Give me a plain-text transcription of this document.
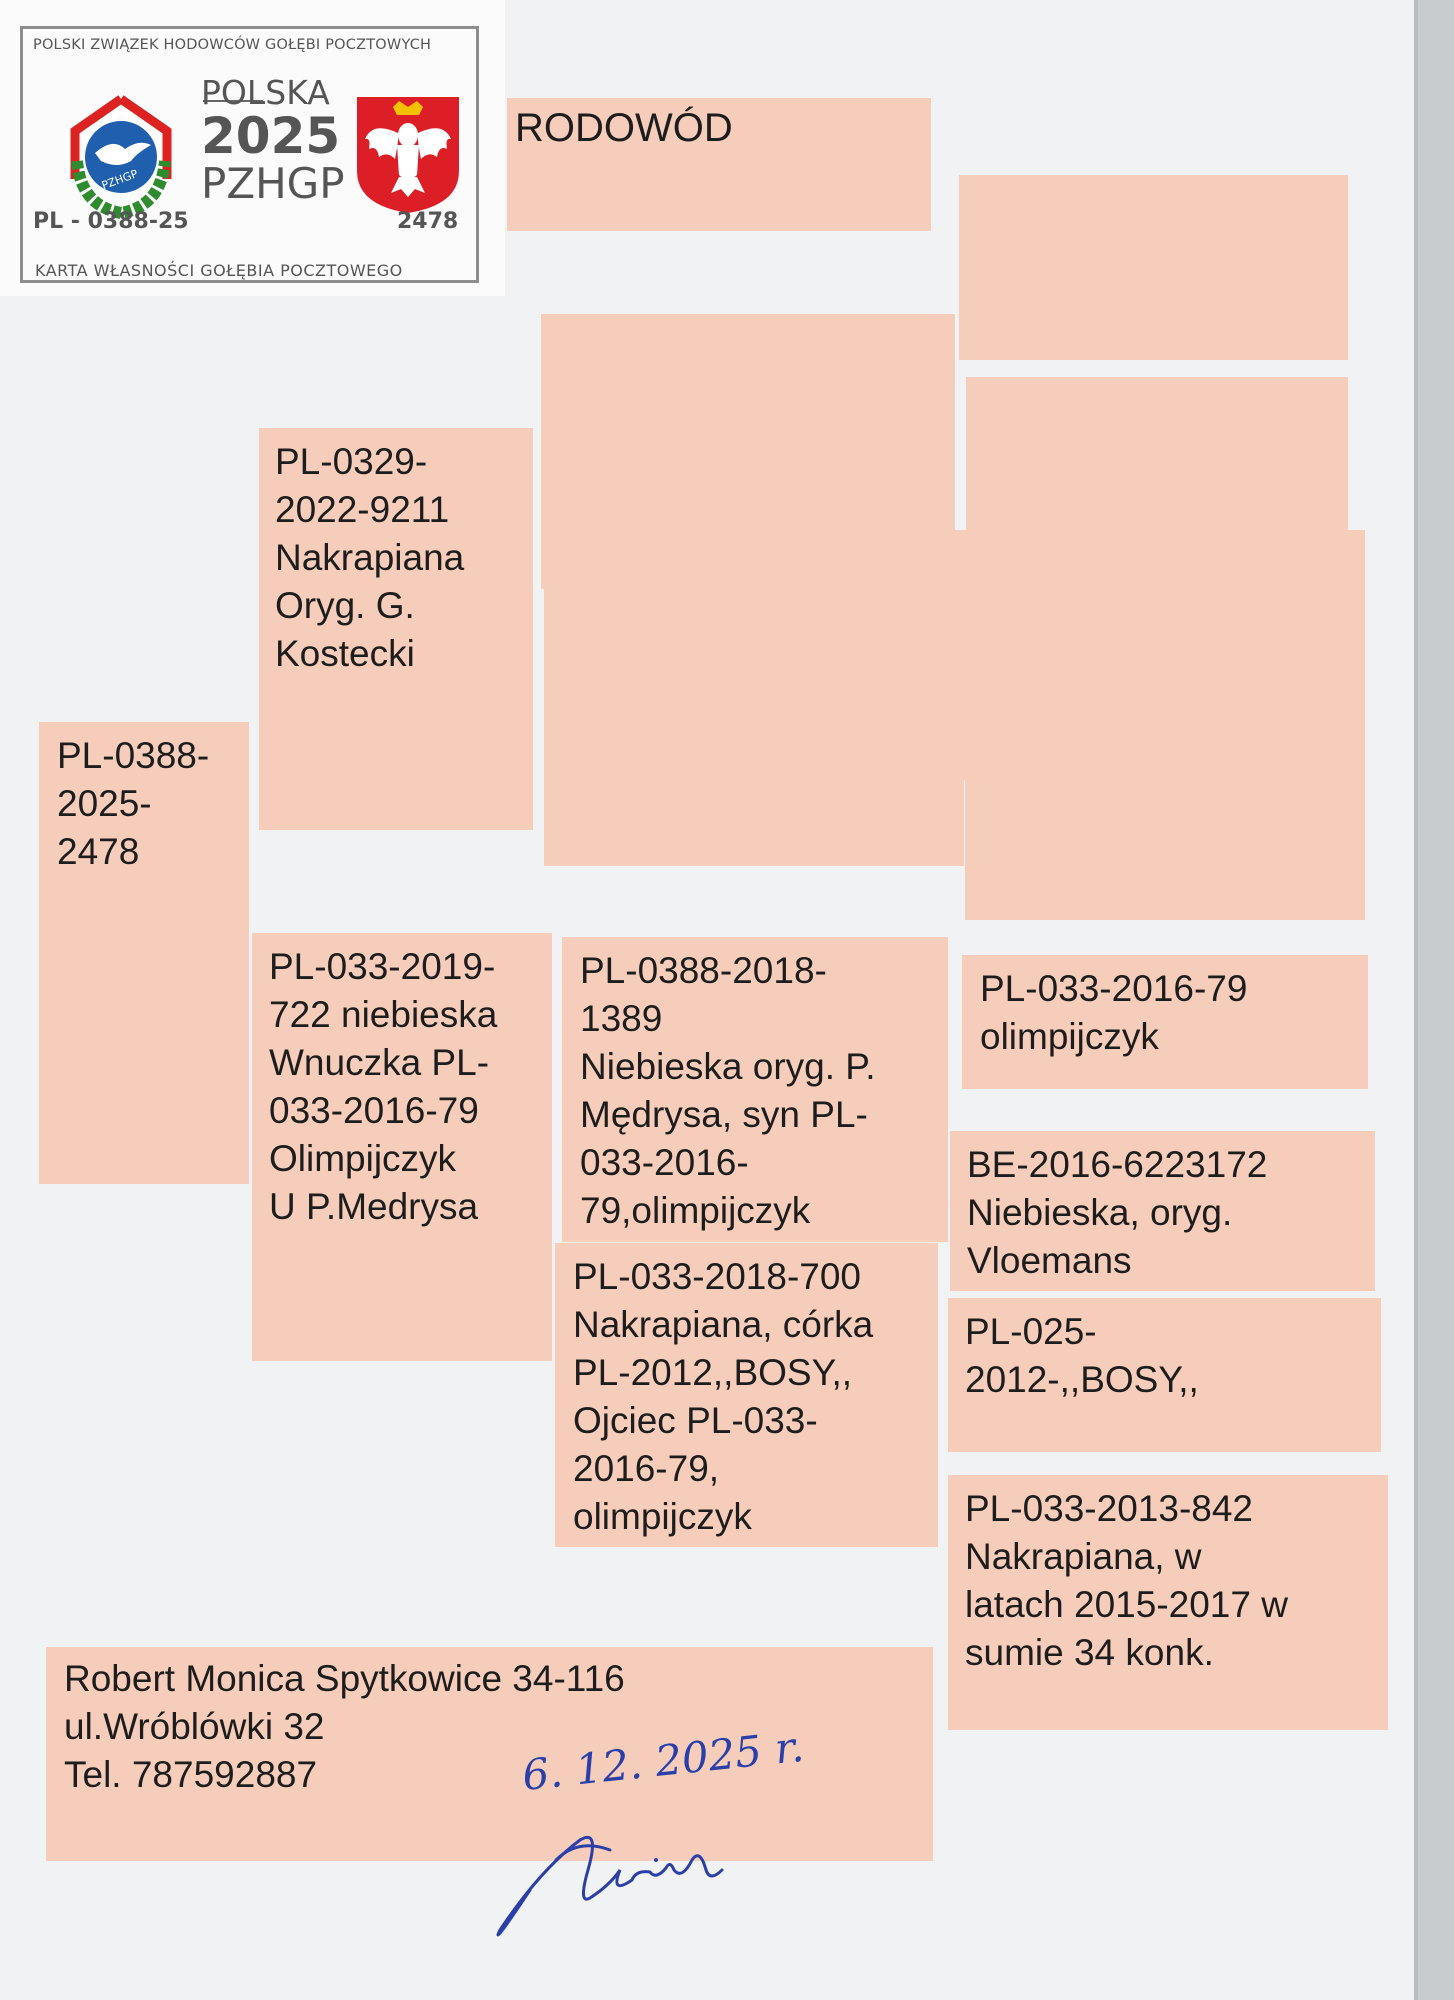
POLSKI ZWIĄZEK HODOWCÓW GOŁĘBI POCZTOWYCH
PZHGP
POLSKA
2025
PZHGP
PL - 0388-25	2478
KARTA WŁASNOŚCI GOŁĘBIA POCZTOWEGO
RODOWÓD
PL-0329-
2022-9211
Nakrapiana
Oryg. G.
Kostecki
PL-0388-
2025-
2478
PL-033-2019-
722 niebieska
Wnuczka PL-
033-2016-79
Olimpijczyk
U P.Medrysa
PL-0388-2018-
1389
Niebieska oryg. P.
Mędrysa, syn PL-
033-2016-
79,olimpijczyk
PL-033-2018-700
Nakrapiana, córka
PL-2012,,BOSY,,
Ojciec PL-033-
2016-79,
olimpijczyk
PL-033-2016-79
olimpijczyk
BE-2016-6223172
Niebieska, oryg.
Vloemans
PL-025-
2012-,,BOSY,,
PL-033-2013-842
Nakrapiana, w
latach 2015-2017 w
sumie 34 konk.
Robert Monica Spytkowice 34-116
ul.Wróblówki 32
Tel. 787592887	6. 12. 2025 r.
